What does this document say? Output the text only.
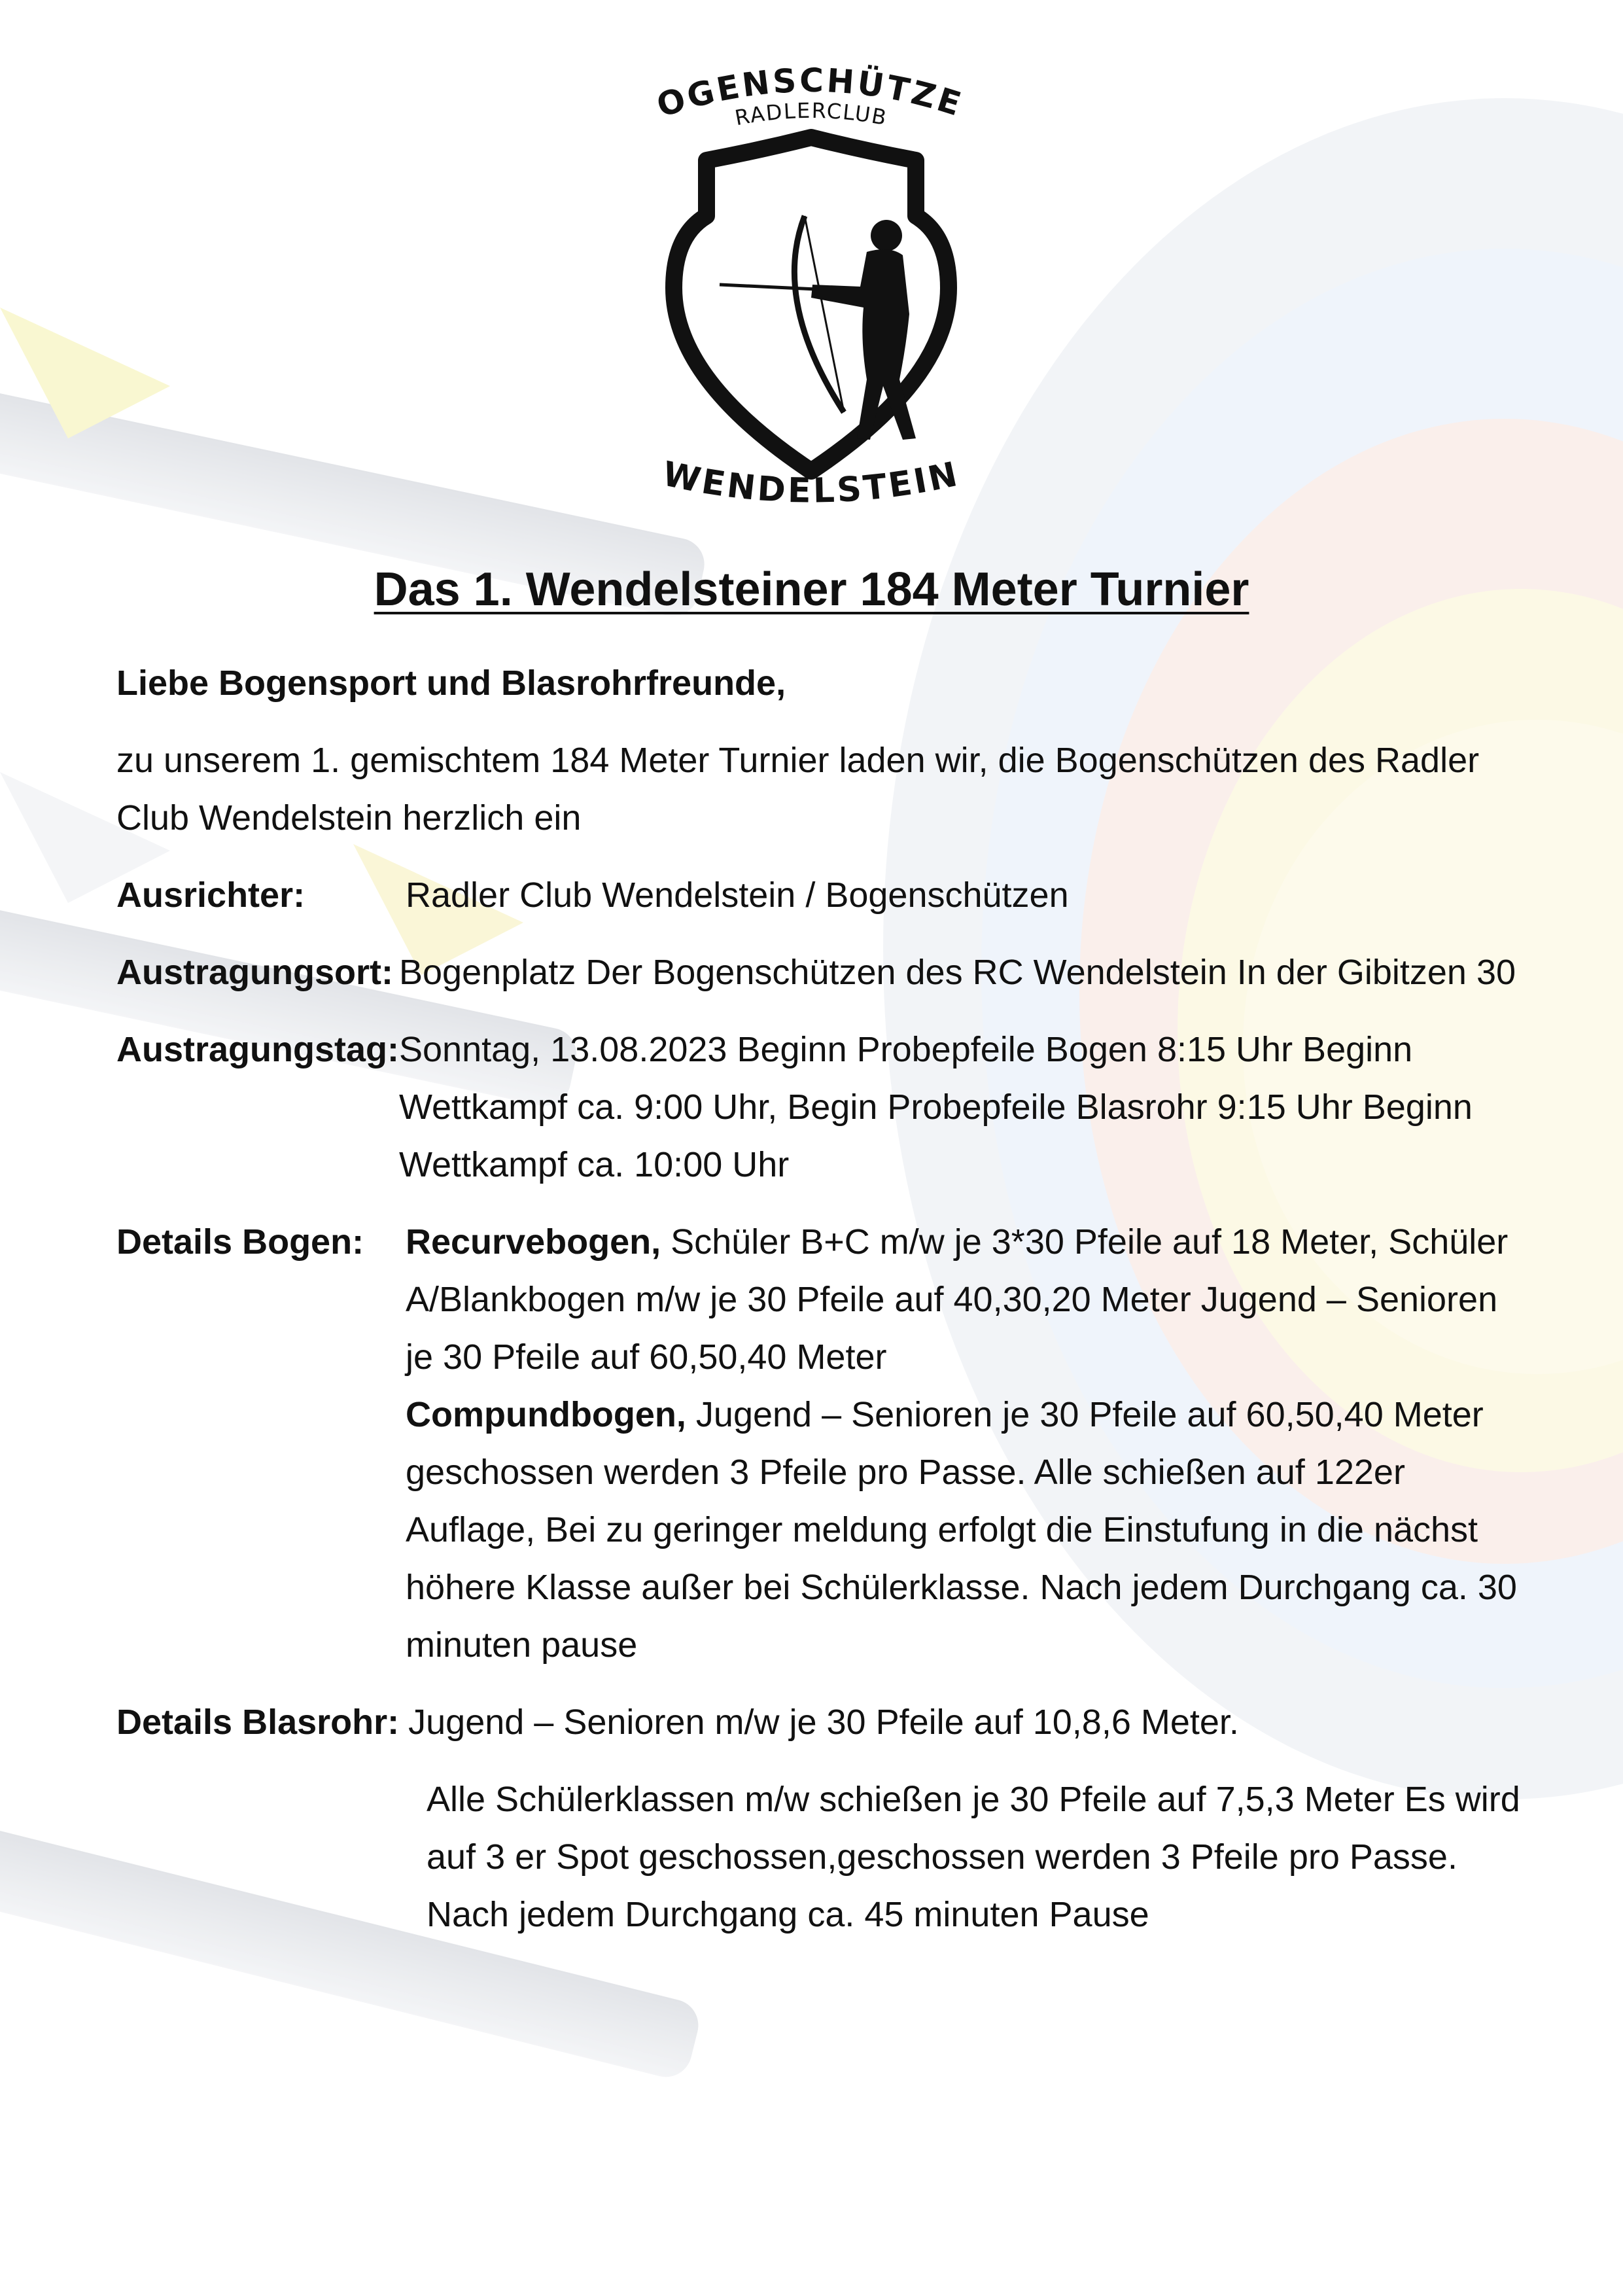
OGENSCHÜTZE
RADLERCLUB
WENDELSTEIN
Das 1. Wendelsteiner 184 Meter Turnier

Liebe Bogensport und Blasrohrfreunde,

zu unserem 1. gemischtem 184 Meter Turnier laden wir, die Bogenschützen des Radler Club Wendelstein herzlich ein

Ausrichter:	Radler Club Wendelstein / Bogenschützen
Austragungsort: Bogenplatz Der Bogenschützen des RC Wendelstein In der Gibitzen 30
Austragungstag: Sonntag, 13.08.2023 Beginn Probepfeile Bogen 8:15 Uhr Beginn Wettkampf ca. 9:00 Uhr, Begin Probepfeile Blasrohr 9:15 Uhr Beginn Wettkampf ca. 10:00 Uhr
Details Bogen:	Recurvebogen, Schüler B+C m/w je 3*30 Pfeile auf 18 Meter, Schüler A/Blankbogen m/w je 30 Pfeile auf 40,30,20 Meter Jugend – Senioren je 30 Pfeile auf 60,50,40 Meter

Compundbogen, Jugend – Senioren je 30 Pfeile auf 60,50,40 Meter geschossen werden 3 Pfeile pro Passe. Alle schießen auf 122er Auflage, Bei zu geringer meldung erfolgt die Einstufung in die nächst höhere Klasse außer bei Schülerklasse. Nach jedem Durchgang ca. 30 minuten pause

Details Blasrohr: Jugend – Senioren m/w je 30 Pfeile auf 10,8,6 Meter.

Alle Schülerklassen m/w schießen je 30 Pfeile auf 7,5,3 Meter Es wird auf 3 er Spot geschossen,geschossen werden 3 Pfeile pro Passe. Nach jedem Durchgang ca. 45 minuten Pause
